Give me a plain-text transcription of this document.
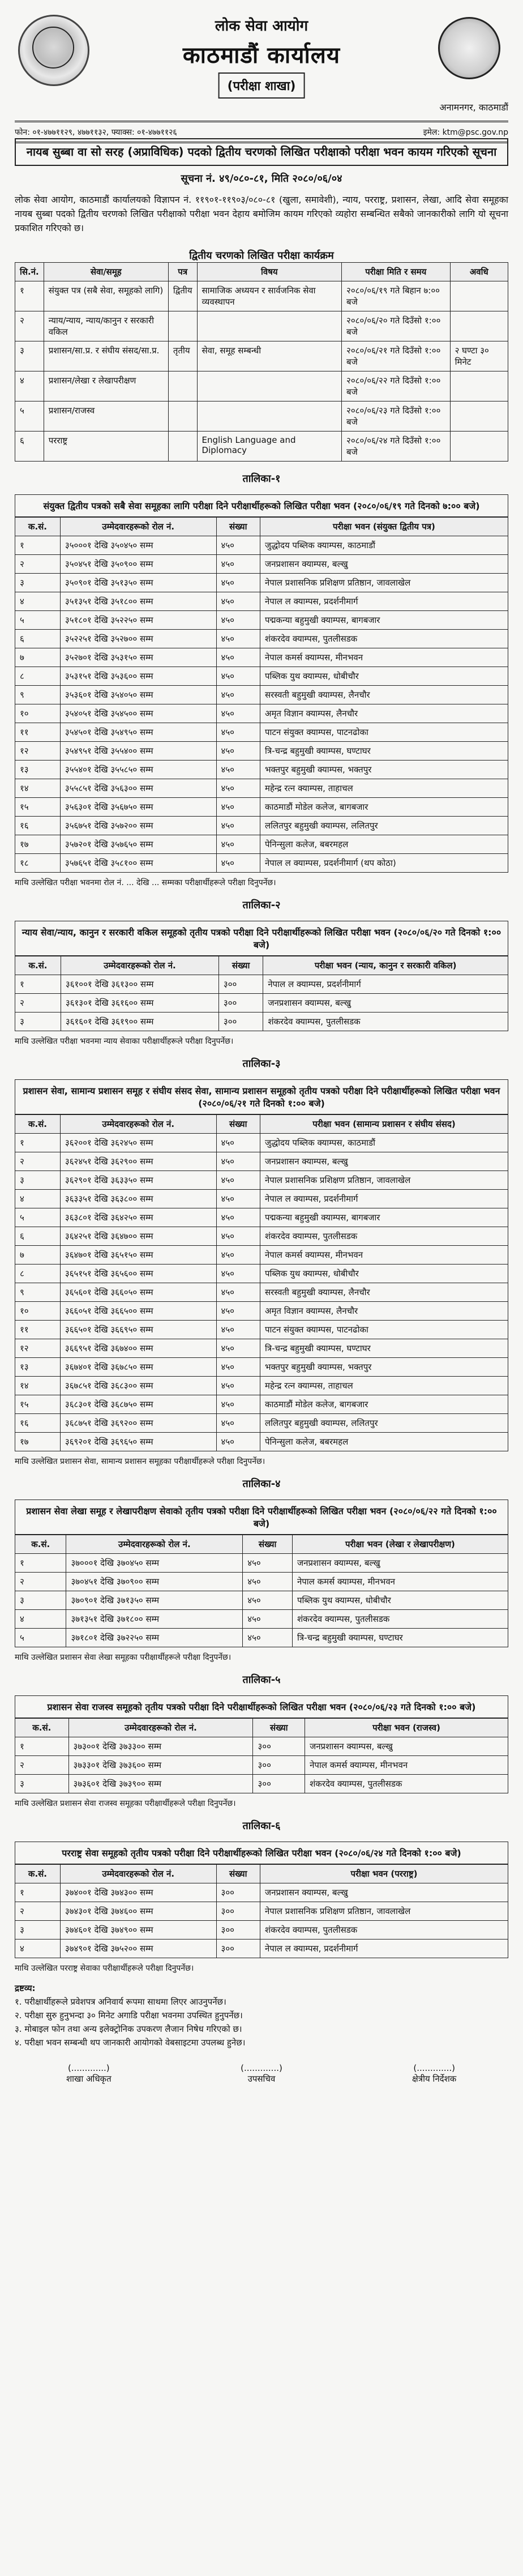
लोक सेवा आयोग
काठमाडौं कार्यालय
(परीक्षा शाखा)
अनामनगर, काठमाडौं
फोन: ०१-४७७११२९, ४७७११३२, फ्याक्स: ०१-४७७११२६	इमेल: ktm@psc.gov.np
नायब सुब्बा वा सो सरह (अप्राविधिक) पदको द्वितीय चरणको लिखित परीक्षाको परीक्षा भवन कायम गरिएको सूचना
सूचना नं. ४९/०८०-८१, मिति २०८०/०६/०४
लोक सेवा आयोग, काठमाडौं कार्यालयको विज्ञापन नं. ११९०१-११९०३/०८०-८१ (खुला, समावेशी), न्याय, परराष्ट्र, प्रशासन, लेखा, आदि सेवा समूहका नायब सुब्बा पदको द्वितीय चरणको लिखित परीक्षाको परीक्षा भवन देहाय बमोजिम कायम गरिएको व्यहोरा सम्बन्धित सबैको जानकारीको लागि यो सूचना प्रकाशित गरिएको छ।
द्वितीय चरणको लिखित परीक्षा कार्यक्रम
सि.नं.	सेवा/समूह	पत्र	विषय	परीक्षा मिति र समय	अवधि
१	संयुक्त पत्र (सबै सेवा, समूहको लागि)	द्वितीय	सामाजिक अध्ययन र सार्वजनिक सेवा व्यवस्थापन	२०८०/०६/१९ गते बिहान ७:०० बजे	
२	न्याय/न्याय, न्याय/कानुन र सरकारी वकिल			२०८०/०६/२० गते दिउँसो १:०० बजे	
३	प्रशासन/सा.प्र. र संघीय संसद/सा.प्र.	तृतीय	सेवा, समूह सम्बन्धी	२०८०/०६/२१ गते दिउँसो १:०० बजे	२ घण्टा ३० मिनेट
४	प्रशासन/लेखा र लेखापरीक्षण			२०८०/०६/२२ गते दिउँसो १:०० बजे	
५	प्रशासन/राजस्व			२०८०/०६/२३ गते दिउँसो १:०० बजे	
६	परराष्ट्र		English Language and Diplomacy	२०८०/०६/२४ गते दिउँसो १:०० बजे	
तालिका-१
संयुक्त द्वितीय पत्रको सबै सेवा समूहका लागि परीक्षा दिने परीक्षार्थीहरूको लिखित परीक्षा भवन (२०८०/०६/१९ गते दिनको ७:०० बजे)
क.सं.	उम्मेदवारहरूको रोल नं.	संख्या	परीक्षा भवन (संयुक्त द्वितीय पत्र)
१	३५०००१ देखि ३५०४५० सम्म	४५०	जुद्धोदय पब्लिक क्याम्पस, काठमाडौं
२	३५०४५१ देखि ३५०९०० सम्म	४५०	जनप्रशासन क्याम्पस, बल्खु
३	३५०९०१ देखि ३५१३५० सम्म	४५०	नेपाल प्रशासनिक प्रशिक्षण प्रतिष्ठान, जावलाखेल
४	३५१३५१ देखि ३५१८०० सम्म	४५०	नेपाल ल क्याम्पस, प्रदर्शनीमार्ग
५	३५१८०१ देखि ३५२२५० सम्म	४५०	पद्मकन्या बहुमुखी क्याम्पस, बागबजार
६	३५२२५१ देखि ३५२७०० सम्म	४५०	शंकरदेव क्याम्पस, पुतलीसडक
७	३५२७०१ देखि ३५३१५० सम्म	४५०	नेपाल कमर्स क्याम्पस, मीनभवन
८	३५३१५१ देखि ३५३६०० सम्म	४५०	पब्लिक युथ क्याम्पस, धोबीचौर
९	३५३६०१ देखि ३५४०५० सम्म	४५०	सरस्वती बहुमुखी क्याम्पस, लैनचौर
१०	३५४०५१ देखि ३५४५०० सम्म	४५०	अमृत विज्ञान क्याम्पस, लैनचौर
११	३५४५०१ देखि ३५४९५० सम्म	४५०	पाटन संयुक्त क्याम्पस, पाटनढोका
१२	३५४९५१ देखि ३५५४०० सम्म	४५०	त्रि-चन्द्र बहुमुखी क्याम्पस, घण्टाघर
१३	३५५४०१ देखि ३५५८५० सम्म	४५०	भक्तपुर बहुमुखी क्याम्पस, भक्तपुर
१४	३५५८५१ देखि ३५६३०० सम्म	४५०	महेन्द्र रत्न क्याम्पस, ताहाचल
१५	३५६३०१ देखि ३५६७५० सम्म	४५०	काठमाडौं मोडेल कलेज, बागबजार
१६	३५६७५१ देखि ३५७२०० सम्म	४५०	ललितपुर बहुमुखी क्याम्पस, ललितपुर
१७	३५७२०१ देखि ३५७६५० सम्म	४५०	पेनिन्सुला कलेज, बबरमहल
१८	३५७६५१ देखि ३५८१०० सम्म	४५०	नेपाल ल क्याम्पस, प्रदर्शनीमार्ग (थप कोठा)
माथि उल्लेखित परीक्षा भवनमा रोल नं. ... देखि ... सम्मका परीक्षार्थीहरूले परीक्षा दिनुपर्नेछ।
तालिका-२
न्याय सेवा/न्याय, कानुन र सरकारी वकिल समूहको तृतीय पत्रको परीक्षा दिने परीक्षार्थीहरूको लिखित परीक्षा भवन (२०८०/०६/२० गते दिनको १:०० बजे)
क.सं.	उम्मेदवारहरूको रोल नं.	संख्या	परीक्षा भवन (न्याय, कानुन र सरकारी वकिल)
१	३६१००१ देखि ३६१३०० सम्म	३००	नेपाल ल क्याम्पस, प्रदर्शनीमार्ग
२	३६१३०१ देखि ३६१६०० सम्म	३००	जनप्रशासन क्याम्पस, बल्खु
३	३६१६०१ देखि ३६१९०० सम्म	३००	शंकरदेव क्याम्पस, पुतलीसडक
माथि उल्लेखित परीक्षा भवनमा न्याय सेवाका परीक्षार्थीहरूले परीक्षा दिनुपर्नेछ।
तालिका-३
प्रशासन सेवा, सामान्य प्रशासन समूह र संघीय संसद सेवा, सामान्य प्रशासन समूहको तृतीय पत्रको परीक्षा दिने परीक्षार्थीहरूको लिखित परीक्षा भवन (२०८०/०६/२१ गते दिनको १:०० बजे)
क.सं.	उम्मेदवारहरूको रोल नं.	संख्या	परीक्षा भवन (सामान्य प्रशासन र संघीय संसद)
१	३६२००१ देखि ३६२४५० सम्म	४५०	जुद्धोदय पब्लिक क्याम्पस, काठमाडौं
२	३६२४५१ देखि ३६२९०० सम्म	४५०	जनप्रशासन क्याम्पस, बल्खु
३	३६२९०१ देखि ३६३३५० सम्म	४५०	नेपाल प्रशासनिक प्रशिक्षण प्रतिष्ठान, जावलाखेल
४	३६३३५१ देखि ३६३८०० सम्म	४५०	नेपाल ल क्याम्पस, प्रदर्शनीमार्ग
५	३६३८०१ देखि ३६४२५० सम्म	४५०	पद्मकन्या बहुमुखी क्याम्पस, बागबजार
६	३६४२५१ देखि ३६४७०० सम्म	४५०	शंकरदेव क्याम्पस, पुतलीसडक
७	३६४७०१ देखि ३६५१५० सम्म	४५०	नेपाल कमर्स क्याम्पस, मीनभवन
८	३६५१५१ देखि ३६५६०० सम्म	४५०	पब्लिक युथ क्याम्पस, धोबीचौर
९	३६५६०१ देखि ३६६०५० सम्म	४५०	सरस्वती बहुमुखी क्याम्पस, लैनचौर
१०	३६६०५१ देखि ३६६५०० सम्म	४५०	अमृत विज्ञान क्याम्पस, लैनचौर
११	३६६५०१ देखि ३६६९५० सम्म	४५०	पाटन संयुक्त क्याम्पस, पाटनढोका
१२	३६६९५१ देखि ३६७४०० सम्म	४५०	त्रि-चन्द्र बहुमुखी क्याम्पस, घण्टाघर
१३	३६७४०१ देखि ३६७८५० सम्म	४५०	भक्तपुर बहुमुखी क्याम्पस, भक्तपुर
१४	३६७८५१ देखि ३६८३०० सम्म	४५०	महेन्द्र रत्न क्याम्पस, ताहाचल
१५	३६८३०१ देखि ३६८७५० सम्म	४५०	काठमाडौं मोडेल कलेज, बागबजार
१६	३६८७५१ देखि ३६९२०० सम्म	४५०	ललितपुर बहुमुखी क्याम्पस, ललितपुर
१७	३६९२०१ देखि ३६९६५० सम्म	४५०	पेनिन्सुला कलेज, बबरमहल
माथि उल्लेखित प्रशासन सेवा, सामान्य प्रशासन समूहका परीक्षार्थीहरूले परीक्षा दिनुपर्नेछ।
तालिका-४
प्रशासन सेवा लेखा समूह र लेखापरीक्षण सेवाको तृतीय पत्रको परीक्षा दिने परीक्षार्थीहरूको लिखित परीक्षा भवन (२०८०/०६/२२ गते दिनको १:०० बजे)
क.सं.	उम्मेदवारहरूको रोल नं.	संख्या	परीक्षा भवन (लेखा र लेखापरीक्षण)
१	३७०००१ देखि ३७०४५० सम्म	४५०	जनप्रशासन क्याम्पस, बल्खु
२	३७०४५१ देखि ३७०९०० सम्म	४५०	नेपाल कमर्स क्याम्पस, मीनभवन
३	३७०९०१ देखि ३७१३५० सम्म	४५०	पब्लिक युथ क्याम्पस, धोबीचौर
४	३७१३५१ देखि ३७१८०० सम्म	४५०	शंकरदेव क्याम्पस, पुतलीसडक
५	३७१८०१ देखि ३७२२५० सम्म	४५०	त्रि-चन्द्र बहुमुखी क्याम्पस, घण्टाघर
माथि उल्लेखित प्रशासन सेवा लेखा समूहका परीक्षार्थीहरूले परीक्षा दिनुपर्नेछ।
तालिका-५
प्रशासन सेवा राजस्व समूहको तृतीय पत्रको परीक्षा दिने परीक्षार्थीहरूको लिखित परीक्षा भवन (२०८०/०६/२३ गते दिनको १:०० बजे)
क.सं.	उम्मेदवारहरूको रोल नं.	संख्या	परीक्षा भवन (राजस्व)
१	३७३००१ देखि ३७३३०० सम्म	३००	जनप्रशासन क्याम्पस, बल्खु
२	३७३३०१ देखि ३७३६०० सम्म	३००	नेपाल कमर्स क्याम्पस, मीनभवन
३	३७३६०१ देखि ३७३९०० सम्म	३००	शंकरदेव क्याम्पस, पुतलीसडक
माथि उल्लेखित प्रशासन सेवा राजस्व समूहका परीक्षार्थीहरूले परीक्षा दिनुपर्नेछ।
तालिका-६
परराष्ट्र सेवा समूहको तृतीय पत्रको परीक्षा दिने परीक्षार्थीहरूको लिखित परीक्षा भवन (२०८०/०६/२४ गते दिनको १:०० बजे)
क.सं.	उम्मेदवारहरूको रोल नं.	संख्या	परीक्षा भवन (परराष्ट्र)
१	३७४००१ देखि ३७४३०० सम्म	३००	जनप्रशासन क्याम्पस, बल्खु
२	३७४३०१ देखि ३७४६०० सम्म	३००	नेपाल प्रशासनिक प्रशिक्षण प्रतिष्ठान, जावलाखेल
३	३७४६०१ देखि ३७४९०० सम्म	३००	शंकरदेव क्याम्पस, पुतलीसडक
४	३७४९०१ देखि ३७५२०० सम्म	३००	नेपाल ल क्याम्पस, प्रदर्शनीमार्ग
माथि उल्लेखित परराष्ट्र सेवाका परीक्षार्थीहरूले परीक्षा दिनुपर्नेछ।
द्रष्टव्य:
१. परीक्षार्थीहरूले प्रवेशपत्र अनिवार्य रूपमा साथमा लिएर आउनुपर्नेछ।
२. परीक्षा सुरु हुनुभन्दा ३० मिनेट अगाडि परीक्षा भवनमा उपस्थित हुनुपर्नेछ।
३. मोबाइल फोन तथा अन्य इलेक्ट्रोनिक उपकरण लैजान निषेध गरिएको छ।
४. परीक्षा भवन सम्बन्धी थप जानकारी आयोगको वेबसाइटमा उपलब्ध हुनेछ।
(.............)
शाखा अधिकृत
(.............)
उपसचिव
(.............)
क्षेत्रीय निर्देशक
